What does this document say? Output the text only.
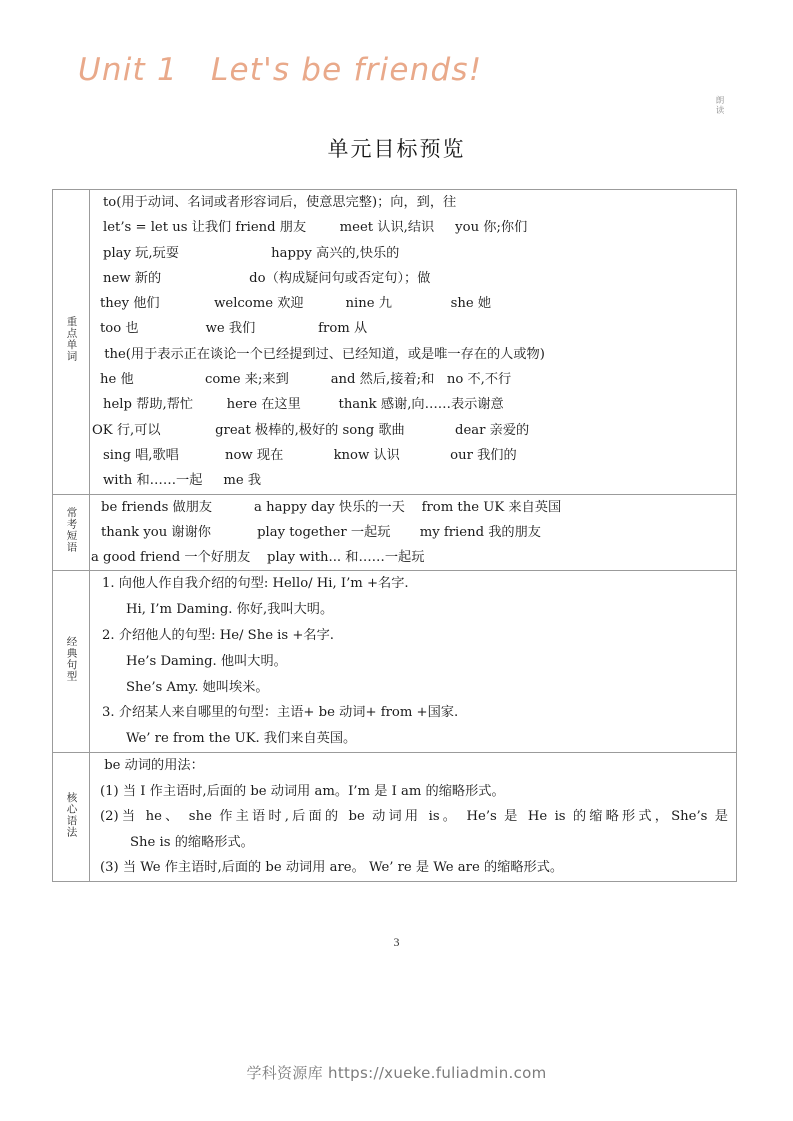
Unit 1   Let's be friends!
朗读
单元目标预览
重点单词	
to(用于动词、名词或者形容词后，使意思完整)；向，到，往
let’s = let us 让我们 friend 朋友        meet 认识,结识     you 你;你们
play 玩,玩耍                      happy 高兴的,快乐的
new 新的                     do（构成疑问句或否定句）；做
they 他们             welcome 欢迎          nine 九              she 她
too 也                we 我们               from 从
the(用于表示正在谈论一个已经提到过、已经知道，或是唯一存在的人或物)
he 他                 come 来;来到          and 然后,接着;和   no 不,不行
help 帮助,帮忙        here 在这里         thank 感谢,向……表示谢意
OK 行,可以             great 极棒的,极好的 song 歌曲            dear 亲爱的
sing 唱,歌唱           now 现在            know 认识            our 我们的
with 和……一起     me 我

常考短语	be friends 做朋友          a happy day 快乐的一天    from the UK 来自英国
thank you 谢谢你           play together 一起玩       my friend 我的朋友
a good friend 一个好朋友    play with... 和……一起玩

经典句型	
1. 向他人作自我介绍的句型: Hello/ Hi, I’m +名字.
Hi, I’m Daming. 你好,我叫大明。
2. 介绍他人的句型: He/ She is +名字.
He’s Daming. 他叫大明。
She’s Amy. 她叫埃米。
3. 介绍某人来自哪里的句型：主语+ be 动词+ from +国家.
We’ re from the UK. 我们来自英国。

核心语法	be 动词的用法：
(1) 当 I 作主语时,后面的 be 动词用 am。I’m 是 I am 的缩略形式。
(2)当 he、 she 作主语时,后面的 be 动词用 is。 He’s 是 He is 的缩略形式，She’s 是
She is 的缩略形式。
(3) 当 We 作主语时,后面的 be 动词用 are。 We’ re 是 We are 的缩略形式。
3
学科资源库 https://xueke.fuliadmin.com
